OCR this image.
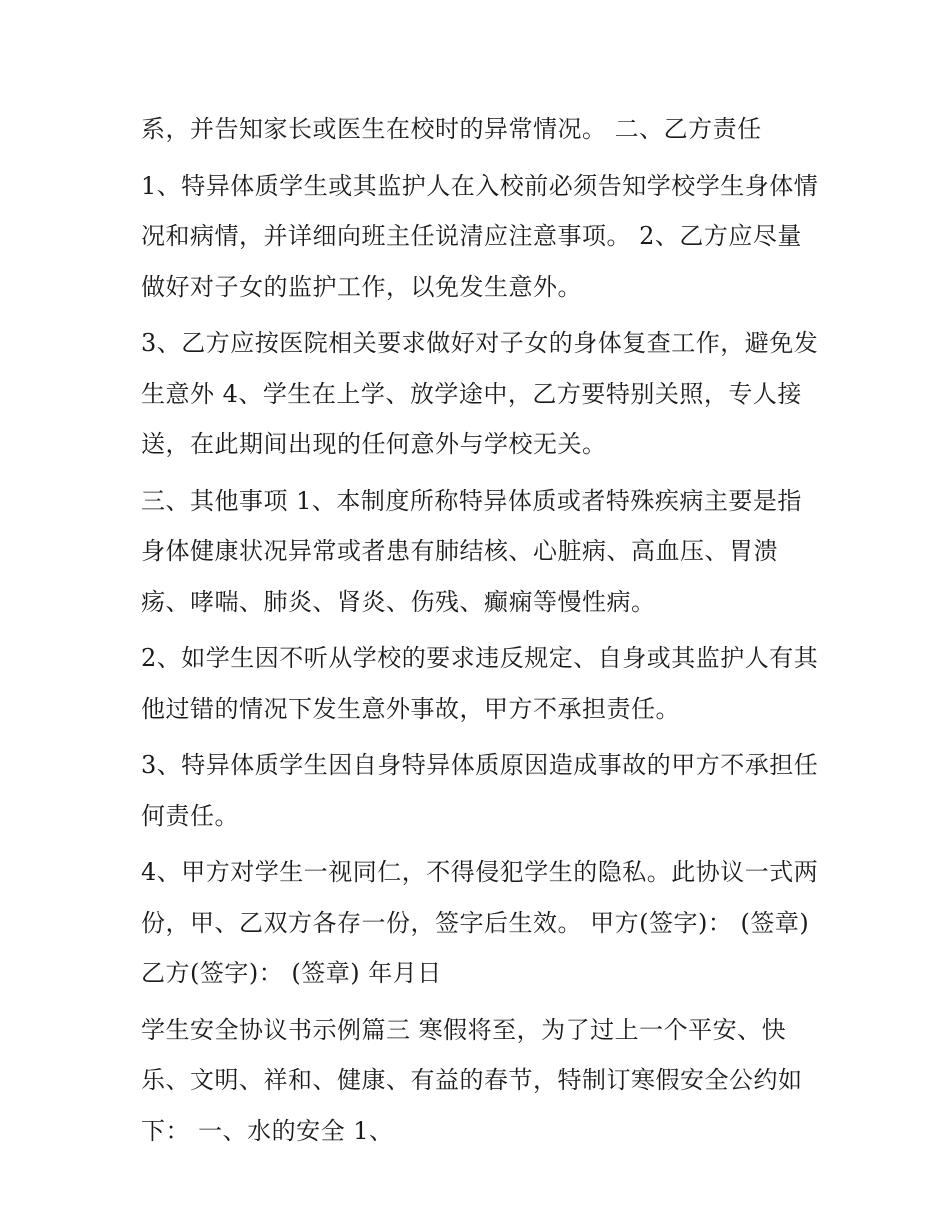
系，并告知家长或医生在校时的异常情况。 二、乙方责任

1、特异体质学生或其监护人在入校前必须告知学校学生身体情况和病情，并详细向班主任说清应注意事项。 2、乙方应尽量做好对子女的监护工作，以免发生意外。

3、乙方应按医院相关要求做好对子女的身体复查工作，避免发生意外 4、学生在上学、放学途中，乙方要特别关照，专人接送，在此期间出现的任何意外与学校无关。

三、其他事项 1、本制度所称特异体质或者特殊疾病主要是指身体健康状况异常或者患有肺结核、心脏病、高血压、胃溃疡、哮喘、肺炎、肾炎、伤残、癫痫等慢性病。

2、如学生因不听从学校的要求违反规定、自身或其监护人有其他过错的情况下发生意外事故，甲方不承担责任。

3、特异体质学生因自身特异体质原因造成事故的甲方不承担任何责任。

4、甲方对学生一视同仁，不得侵犯学生的隐私。此协议一式两份，甲、乙双方各存一份，签字后生效。 甲方(签字)： (签章) 乙方(签字)： (签章) 年月日

学生安全协议书示例篇三 寒假将至，为了过上一个平安、快乐、文明、祥和、健康、有益的春节，特制订寒假安全公约如下： 一、水的安全 1、
